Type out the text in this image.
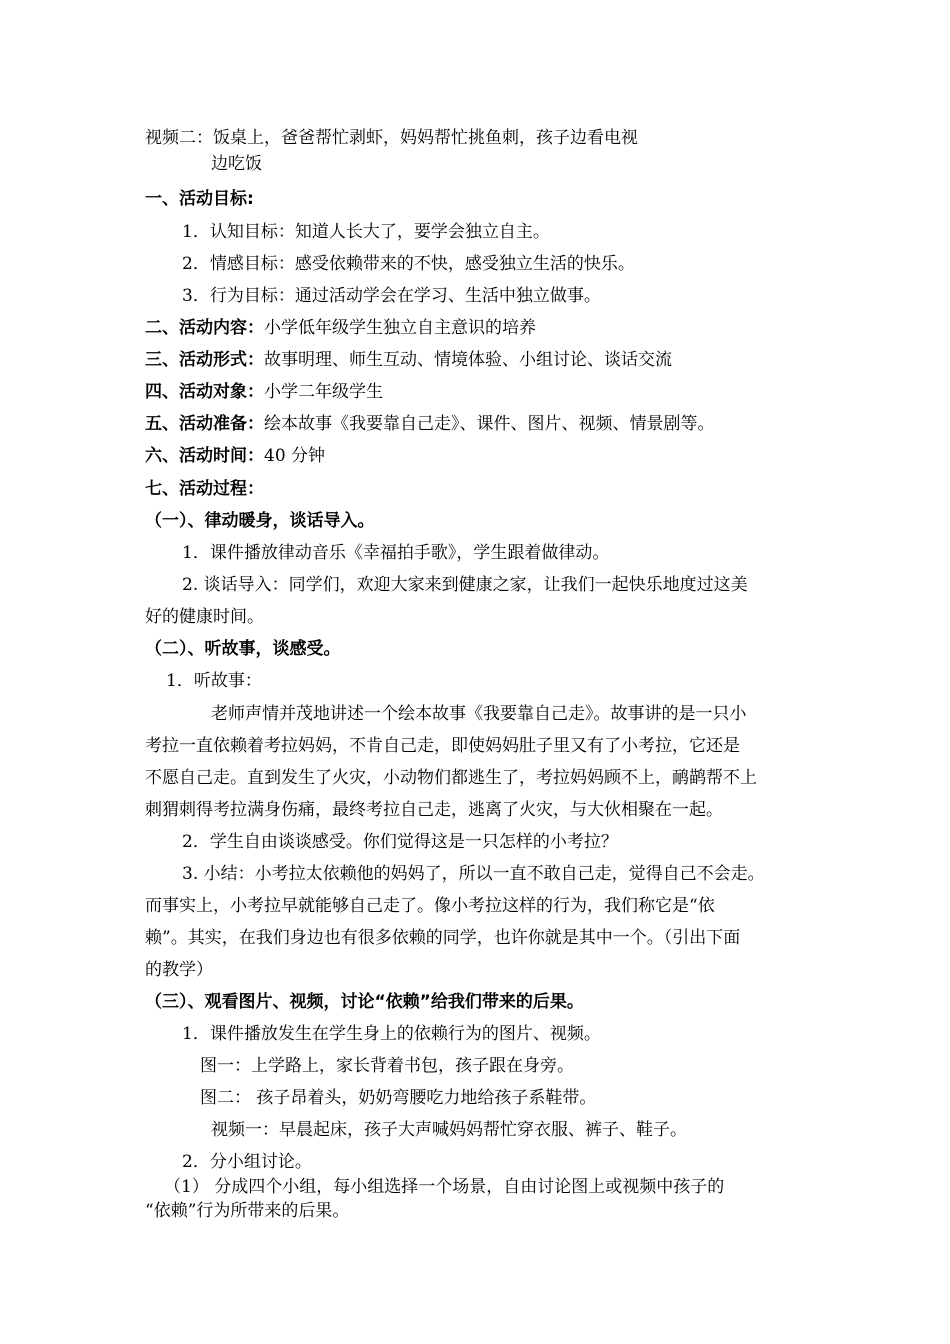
视频二：饭桌上，爸爸帮忙剥虾，妈妈帮忙挑鱼刺，孩子边看电视
边吃饭
一、活动目标:
1．认知目标：知道人长大了，要学会独立自主。
2．情感目标：感受依赖带来的不快，感受独立生活的快乐。
3．行为目标：通过活动学会在学习、生活中独立做事。
二、活动内容：小学低年级学生独立自主意识的培养
三、活动形式：故事明理、师生互动、情境体验、小组讨论、谈话交流
四、活动对象：小学二年级学生
五、活动准备：绘本故事《我要靠自己走》、课件、图片、视频、情景剧等。
六、活动时间：40 分钟
七、活动过程：
（一）、律动暖身，谈话导入。
1．课件播放律动音乐《幸福拍手歌》，学生跟着做律动。
2. 谈话导入：同学们，欢迎大家来到健康之家，让我们一起快乐地度过这美
好的健康时间。
（二）、听故事，谈感受。
1．听故事：
老师声情并茂地讲述一个绘本故事《我要靠自己走》。故事讲的是一只小
考拉一直依赖着考拉妈妈，不肯自己走，即使妈妈肚子里又有了小考拉，它还是
不愿自己走。直到发生了火灾，小动物们都逃生了，考拉妈妈顾不上，鸸鹋帮不上
刺猬刺得考拉满身伤痛，最终考拉自己走，逃离了火灾，与大伙相聚在一起。
2．学生自由谈谈感受。你们觉得这是一只怎样的小考拉？
3. 小结：小考拉太依赖他的妈妈了，所以一直不敢自己走，觉得自己不会走。
而事实上，小考拉早就能够自己走了。像小考拉这样的行为，我们称它是“依
赖”。其实，在我们身边也有很多依赖的同学，也许你就是其中一个。（引出下面
的教学）
（三）、观看图片、视频，讨论“依赖”给我们带来的后果。
1．课件播放发生在学生身上的依赖行为的图片、视频。
图一：上学路上，家长背着书包，孩子跟在身旁。
图二： 孩子昂着头，奶奶弯腰吃力地给孩子系鞋带。
视频一：早晨起床，孩子大声喊妈妈帮忙穿衣服、裤子、鞋子。
2．分小组讨论。
（1） 分成四个小组，每小组选择一个场景，自由讨论图上或视频中孩子的
“依赖”行为所带来的后果。
